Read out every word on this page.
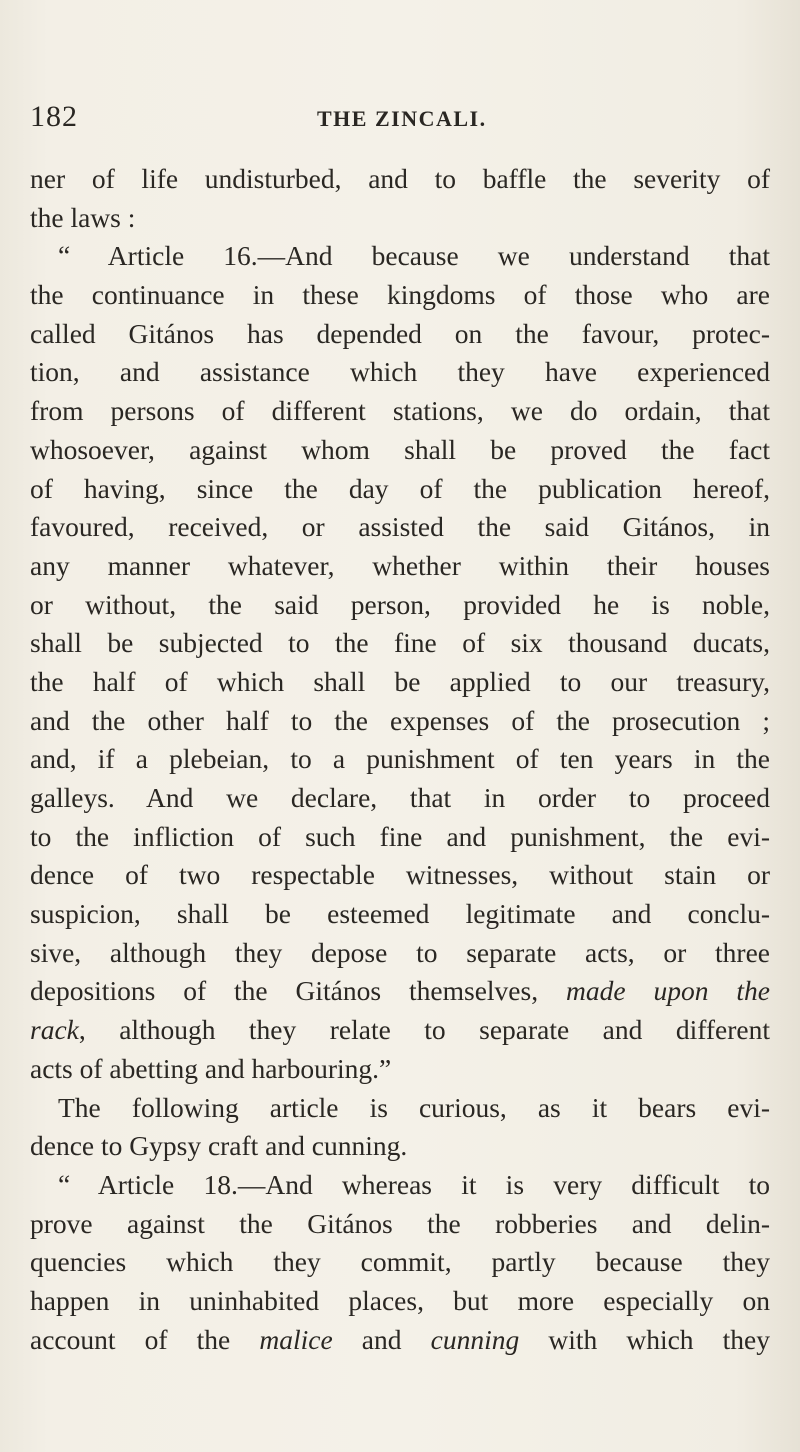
182	THE ZINCALI.
ner of life undisturbed, and to baffle the severity of
the laws :
“ Article 16.—And because we understand that
the continuance in these kingdoms of those who are
called Gitános has depended on the favour, protec-
tion, and assistance which they have experienced
from persons of different stations, we do ordain, that
whosoever, against whom shall be proved the fact
of having, since the day of the publication hereof,
favoured, received, or assisted the said Gitános, in
any manner whatever, whether within their houses
or without, the said person, provided he is noble,
shall be subjected to the fine of six thousand ducats,
the half of which shall be applied to our treasury,
and the other half to the expenses of the prosecution ;
and, if a plebeian, to a punishment of ten years in the
galleys. And we declare, that in order to proceed
to the infliction of such fine and punishment, the evi-
dence of two respectable witnesses, without stain or
suspicion, shall be esteemed legitimate and conclu-
sive, although they depose to separate acts, or three
depositions of the Gitános themselves, made upon the
rack, although they relate to separate and different
acts of abetting and harbouring.”
The following article is curious, as it bears evi-
dence to Gypsy craft and cunning.
“ Article 18.—And whereas it is very difficult to
prove against the Gitános the robberies and delin-
quencies which they commit, partly because they
happen in uninhabited places, but more especially on
account of the malice and cunning with which they
